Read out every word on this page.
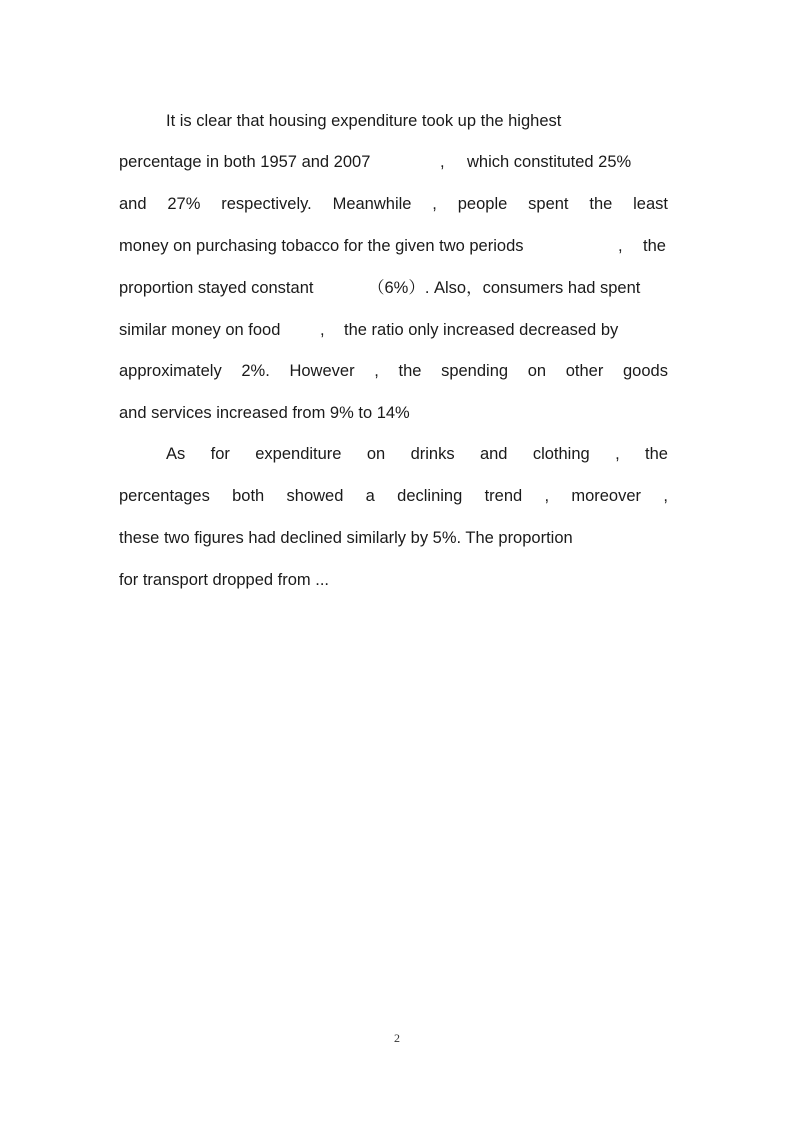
It is clear that housing expenditure took up the highest
percentage in both 1957 and 2007	, which constituted 25%
and 27% respectively. Meanwhile , people spent the least
money on purchasing tobacco for the given two periods	, the
proportion stayed constant	（6%）. Also，consumers had spent
similar money on food , the ratio only increased decreased by
approximately 2%. However , the spending on other goods
and services increased from 9% to 14%
As for expenditure on drinks and clothing , the
percentages both showed a declining trend , moreover ,
these two figures had declined similarly by 5%. The proportion
for transport dropped from ...
2
